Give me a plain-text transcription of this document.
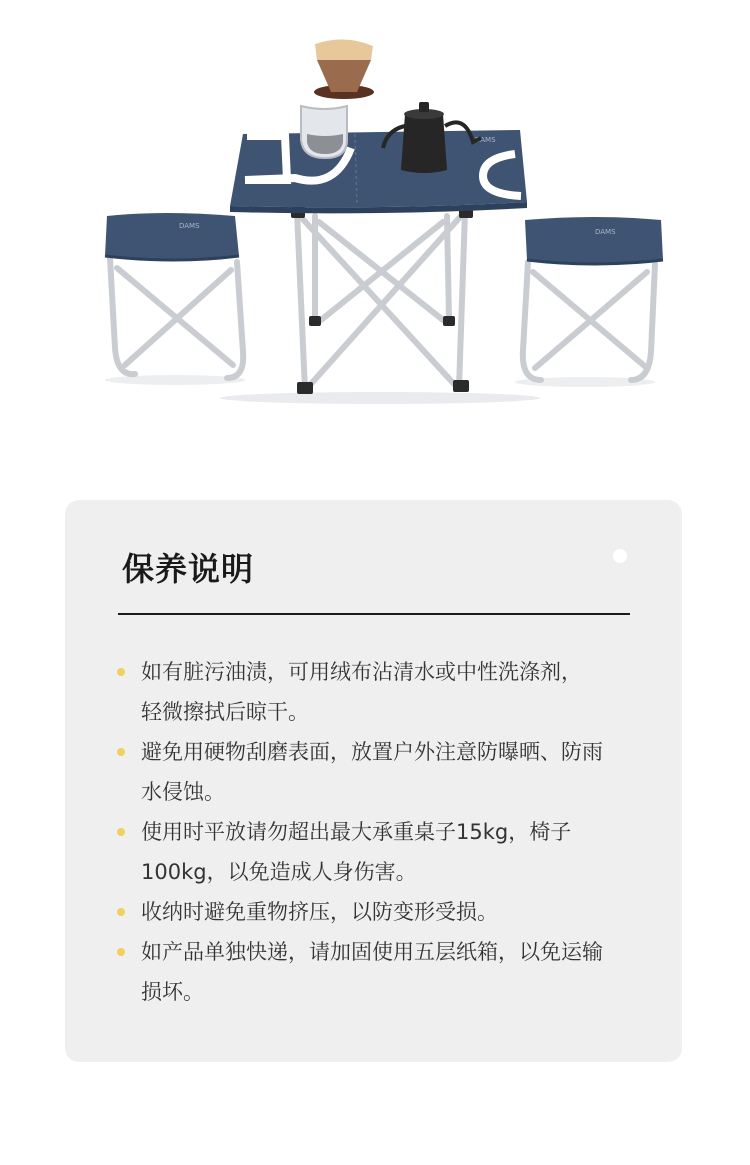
DAMS
DAMS
DAMS
保养说明
如有脏污油渍，可用绒布沾清水或中性洗涤剂，
轻微擦拭后晾干。
避免用硬物刮磨表面，放置户外注意防曝晒、防雨
水侵蚀。
使用时平放请勿超出最大承重桌子15kg，椅子
100kg，以免造成人身伤害。
收纳时避免重物挤压，以防变形受损。
如产品单独快递，请加固使用五层纸箱，以免运输
损坏。
